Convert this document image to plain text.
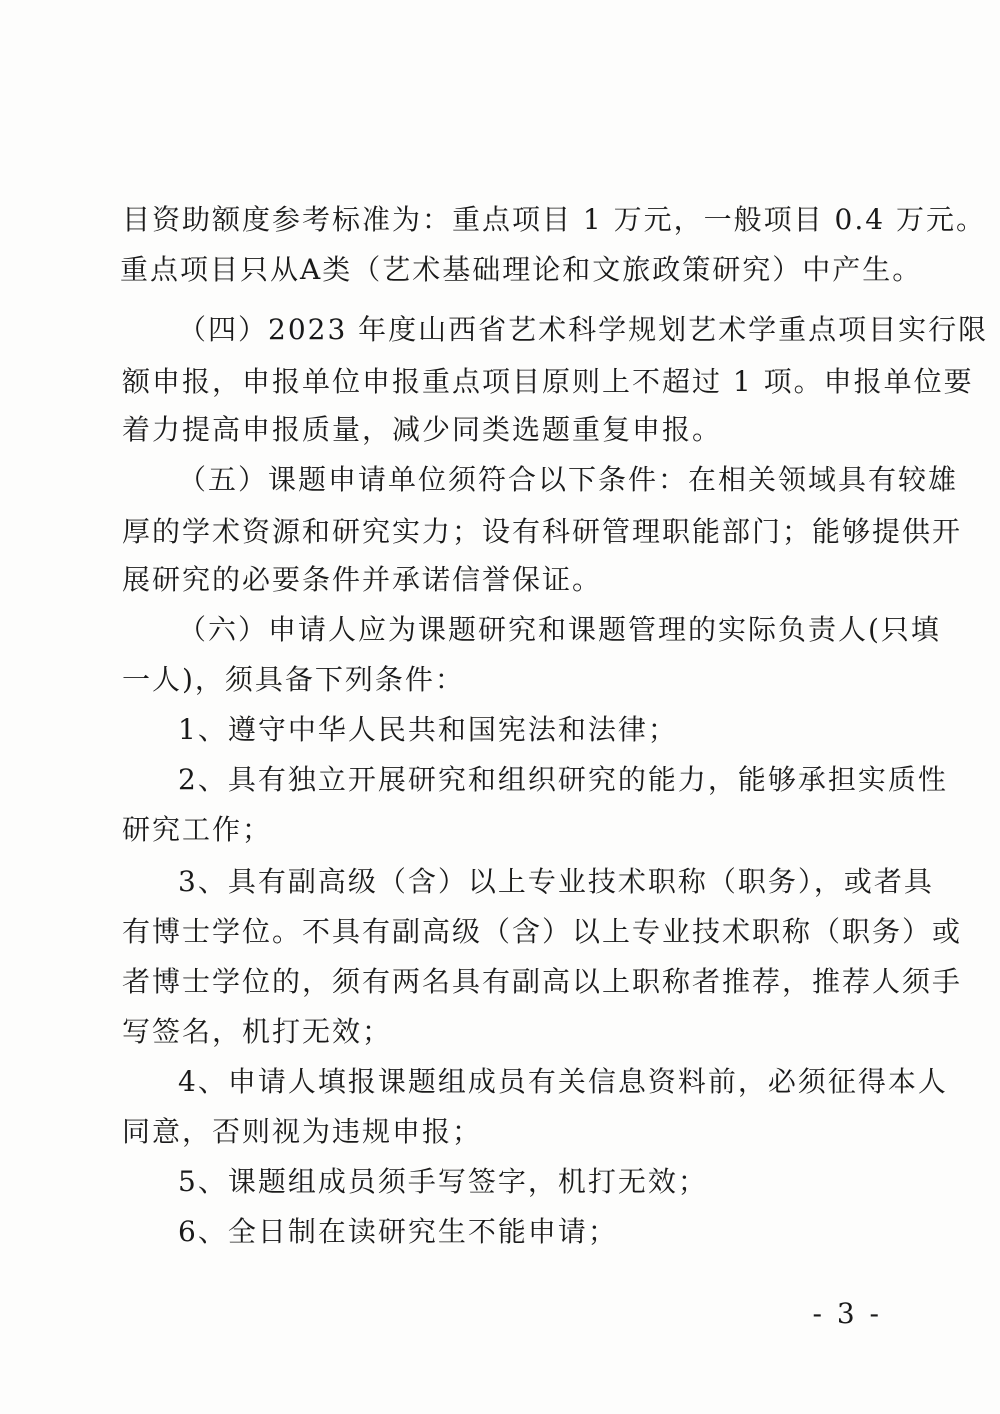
目资助额度参考标准为：重点项目 1 万元，一般项目 0.4 万元。
重点项目只从A类（艺术基础理论和文旅政策研究）中产生。
（四）2023 年度山西省艺术科学规划艺术学重点项目实行限
额申报，申报单位申报重点项目原则上不超过 1 项。申报单位要
着力提高申报质量，减少同类选题重复申报。
（五）课题申请单位须符合以下条件：在相关领域具有较雄
厚的学术资源和研究实力；设有科研管理职能部门；能够提供开
展研究的必要条件并承诺信誉保证。
（六）申请人应为课题研究和课题管理的实际负责人(只填
一人)，须具备下列条件：
1、遵守中华人民共和国宪法和法律；
2、具有独立开展研究和组织研究的能力，能够承担实质性
研究工作；
3、具有副高级（含）以上专业技术职称（职务），或者具
有博士学位。不具有副高级（含）以上专业技术职称（职务）或
者博士学位的，须有两名具有副高以上职称者推荐，推荐人须手
写签名，机打无效；
4、申请人填报课题组成员有关信息资料前，必须征得本人
同意，否则视为违规申报；
5、课题组成员须手写签字，机打无效；
6、全日制在读研究生不能申请；
- 3 -
